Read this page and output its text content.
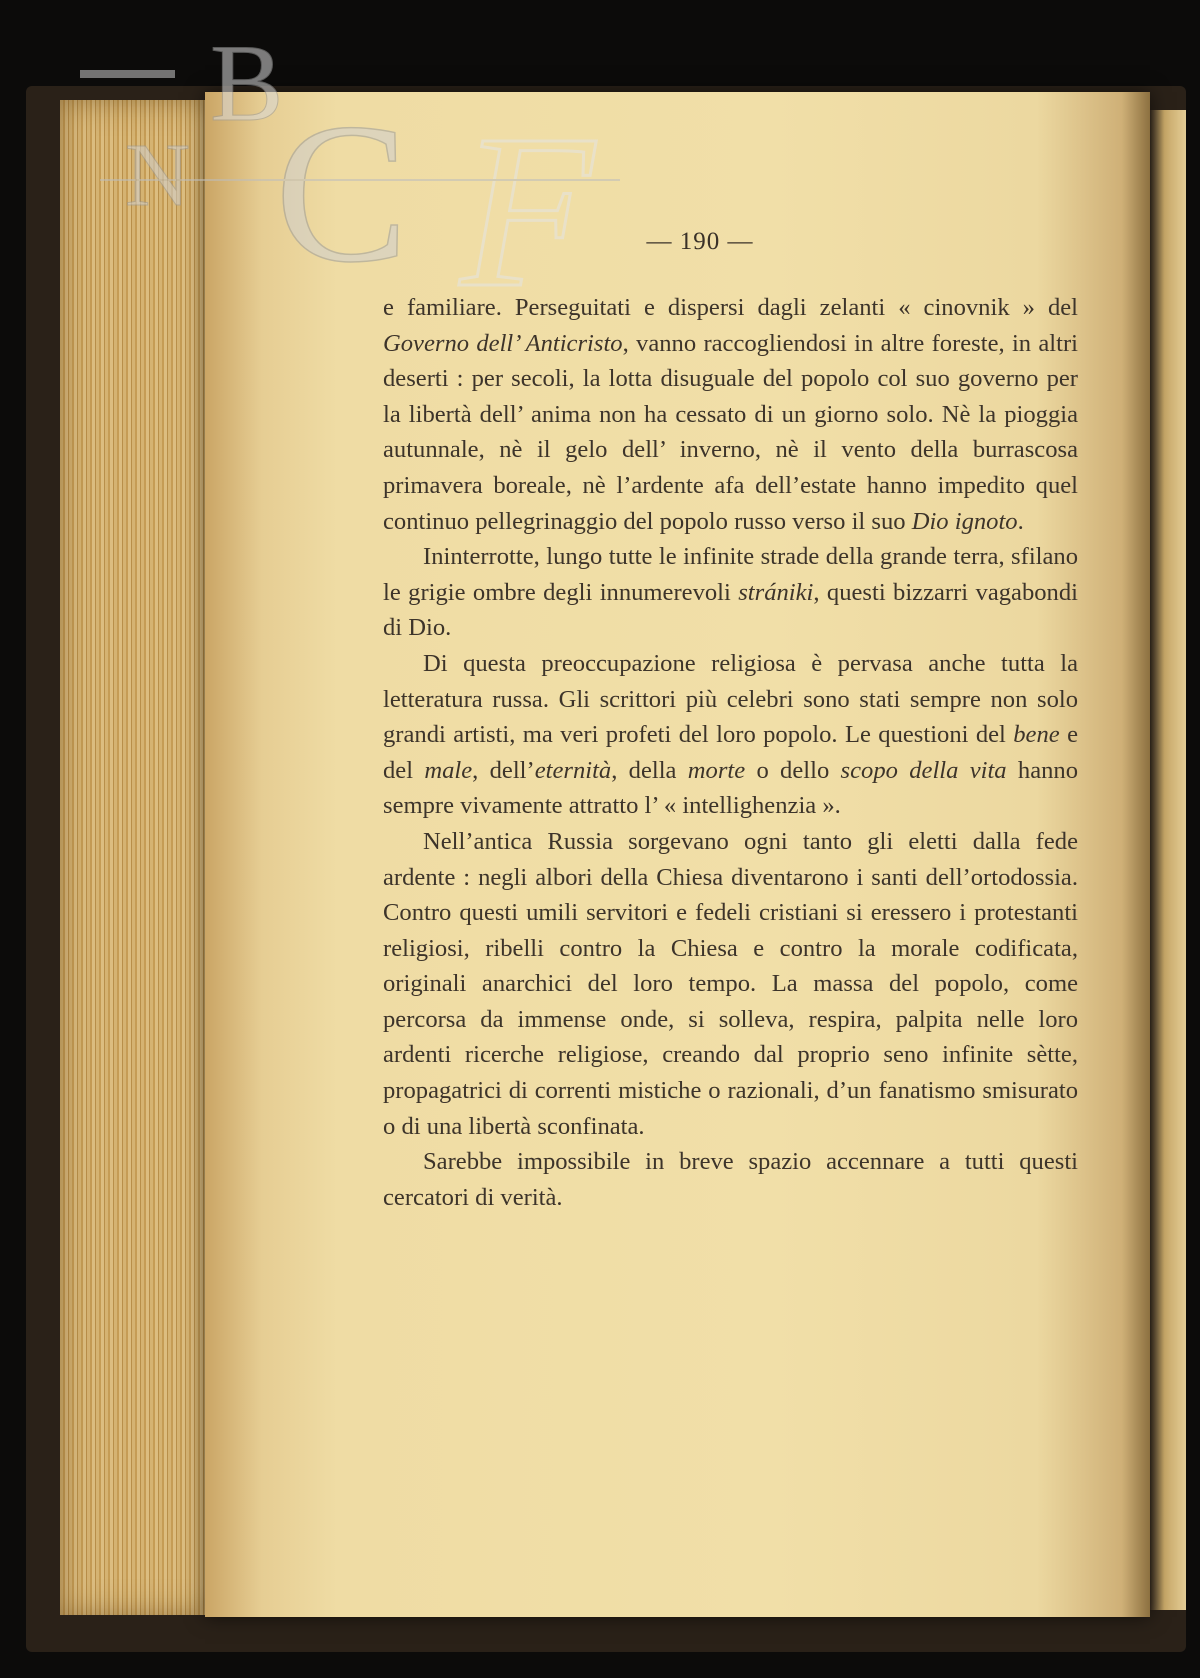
B
N C F	— 190 —

e familiare. Perseguitati e dispersi dagli zelanti « cinovnik » del Governo dell’ Anticristo, vanno raccogliendosi in altre foreste, in altri deserti : per secoli, la lotta disuguale del popolo col suo governo per la libertà dell’ anima non ha cessato di un giorno solo. Nè la pioggia autunnale, nè il gelo dell’ inverno, nè il vento della burrascosa primavera boreale, nè l’ardente afa dell’estate hanno impedito quel continuo pellegrinaggio del popolo russo verso il suo Dio ignoto.

Ininterrotte, lungo tutte le infinite strade della grande terra, sfilano le grigie ombre degli innumerevoli strániki, questi bizzarri vagabondi di Dio.

Di questa preoccupazione religiosa è pervasa anche tutta la letteratura russa. Gli scrittori più celebri sono stati sempre non solo grandi artisti, ma veri profeti del loro popolo. Le questioni del bene e del male, dell’eternità, della morte o dello scopo della vita hanno sempre vivamente attratto l’ « intellighenzia ».

Nell’antica Russia sorgevano ogni tanto gli eletti dalla fede ardente : negli albori della Chiesa diventarono i santi dell’ortodossia. Contro questi umili servitori e fedeli cristiani si eressero i protestanti religiosi, ribelli contro la Chiesa e contro la morale codificata, originali anarchici del loro tempo. La massa del popolo, come percorsa da immense onde, si solleva, respira, palpita nelle loro ardenti ricerche religiose, creando dal proprio seno infinite sètte, propagatrici di correnti mistiche o razionali, d’un fanatismo smisurato o di una libertà sconfinata.

Sarebbe impossibile in breve spazio accennare a tutti questi cercatori di verità.
